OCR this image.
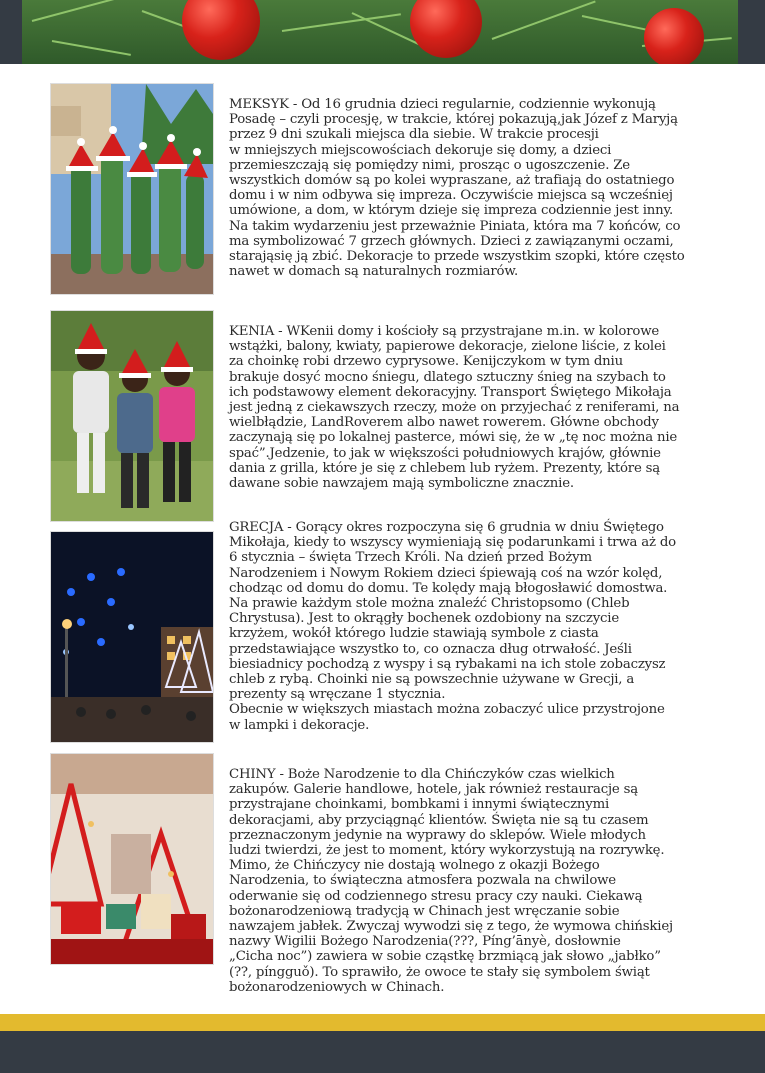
MEKSYK - Od 16 grudnia dzieci regularnie, codziennie wykonują
Posadę – czyli procesję, w trakcie, której pokazują,jak Józef z Maryją
przez 9 dni szukali miejsca dla siebie. W trakcie procesji
w mniejszych miejscowościach dekoruje się domy, a dzieci
przemieszczają się pomiędzy nimi, prosząc o ugoszczenie. Ze
wszystkich domów są po kolei wypraszane, aż trafiają do ostatniego
domu i w nim odbywa się impreza. Oczywiście miejsca są wcześniej
umówione, a dom, w którym dzieje się impreza codziennie jest inny.
Na takim wydarzeniu jest przeważnie Piniata, która ma 7 końców, co
ma symbolizować 7 grzech głównych. Dzieci z zawiązanymi oczami,
starająsię ją zbić. Dekoracje to przede wszystkim szopki, które często
nawet w domach są naturalnych rozmiarów.
KENIA - WKenii domy i kościoły są przystrajane m.in. w kolorowe
wstążki, balony, kwiaty, papierowe dekoracje, zielone liście, z kolei
za choinkę robi drzewo cyprysowe. Kenijczykom w tym dniu
brakuje dosyć mocno śniegu, dlatego sztuczny śnieg na szybach to
ich podstawowy element dekoracyjny. Transport Świętego Mikołaja
jest jedną z ciekawszych rzeczy, może on przyjechać z reniferami, na
wielbłądzie, LandRoverem albo nawet rowerem. Główne obchody
zaczynają się po lokalnej pasterce, mówi się, że w „tę noc można nie
spać”.Jedzenie, to jak w większości południowych krajów, głównie
dania z grilla, które je się z chlebem lub ryżem. Prezenty, które są
dawane sobie nawzajem mają symboliczne znacznie.
GRECJA - Gorący okres rozpoczyna się 6 grudnia w dniu Świętego
Mikołaja, kiedy to wszyscy wymieniają się podarunkami i trwa aż do
6 stycznia – święta Trzech Króli. Na dzień przed Bożym
Narodzeniem i Nowym Rokiem dzieci śpiewają coś na wzór kolęd,
chodząc od domu do domu. Te kolędy mają błogosławić domostwa.
Na prawie każdym stole można znaleźć Christopsomo (Chleb
Chrystusa). Jest to okrągły bochenek ozdobiony na szczycie
krzyżem, wokół którego ludzie stawiają symbole z ciasta
przedstawiające wszystko to, co oznacza dług otrwałość. Jeśli
biesiadnicy pochodzą z wyspy i są rybakami na ich stole zobaczysz
chleb z rybą. Choinki nie są powszechnie używane w Grecji, a
prezenty są wręczane 1 stycznia.
Obecnie w większych miastach można zobaczyć ulice przystrojone
w lampki i dekoracje.
CHINY - Boże Narodzenie to dla Chińczyków czas wielkich
zakupów. Galerie handlowe, hotele, jak również restauracje są
przystrajane choinkami, bombkami i innymi świątecznymi
dekoracjami, aby przyciągnąć klientów. Święta nie są tu czasem
przeznaczonym jedynie na wyprawy do sklepów. Wiele młodych
ludzi twierdzi, że jest to moment, który wykorzystują na rozrywkę.
Mimo, że Chińczycy nie dostają wolnego z okazji Bożego
Narodzenia, to świąteczna atmosfera pozwala na chwilowe
oderwanie się od codziennego stresu pracy czy nauki. Ciekawą
bożonarodzeniową tradycją w Chinach jest wręczanie sobie
nawzajem jabłek. Zwyczaj wywodzi się z tego, że wymowa chińskiej
nazwy Wigilii Bożego Narodzenia(???, Píng’ānyè, dosłownie
„Cicha noc”) zawiera w sobie cząstkę brzmiącą jak słowo „jabłko”
(??, píngguǒ). To sprawiło, że owoce te stały się symbolem świąt
bożonarodzeniowych w Chinach.
